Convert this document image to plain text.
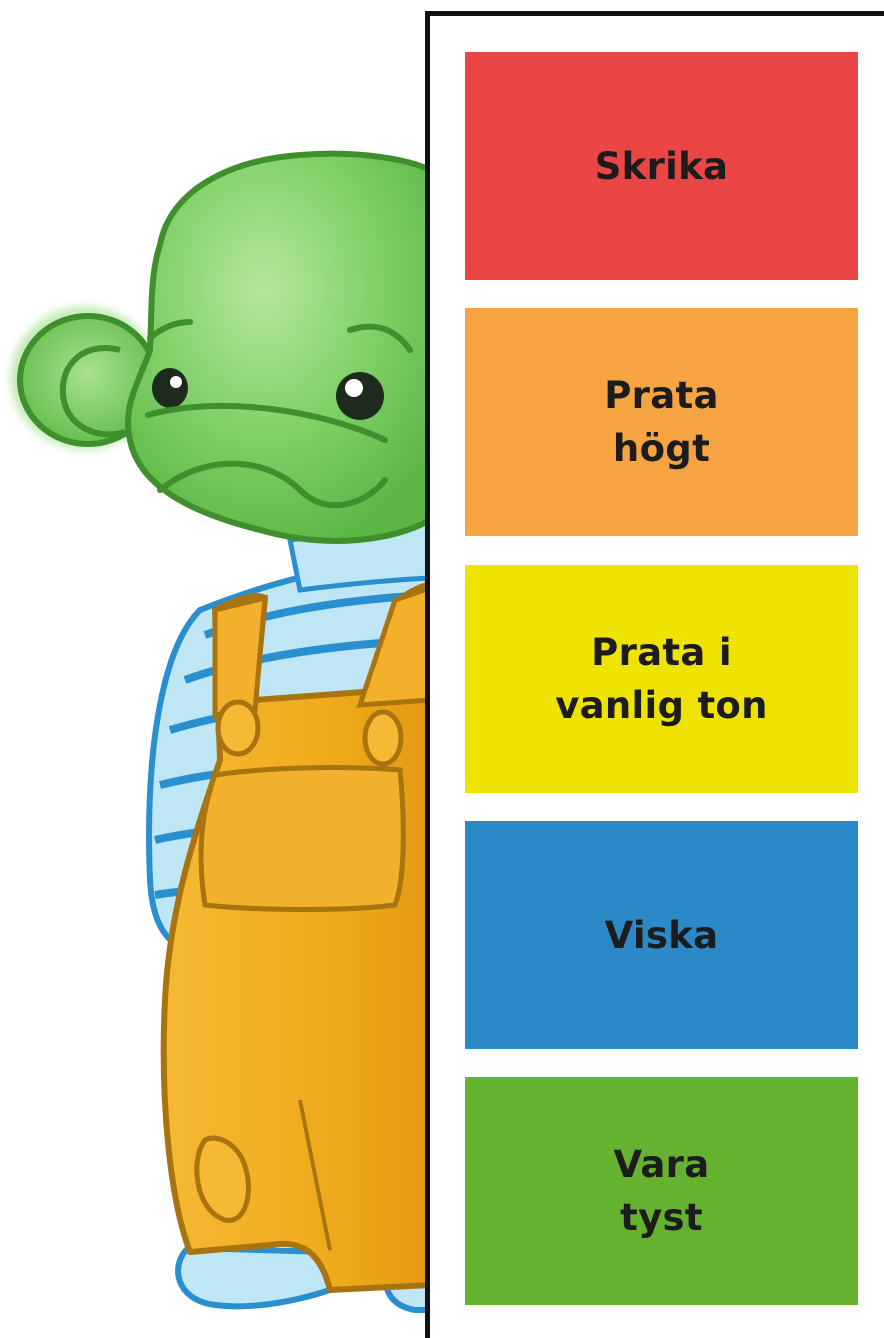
Skrika
Prata
högt
Prata i
vanlig ton
Viska
Vara
tyst
